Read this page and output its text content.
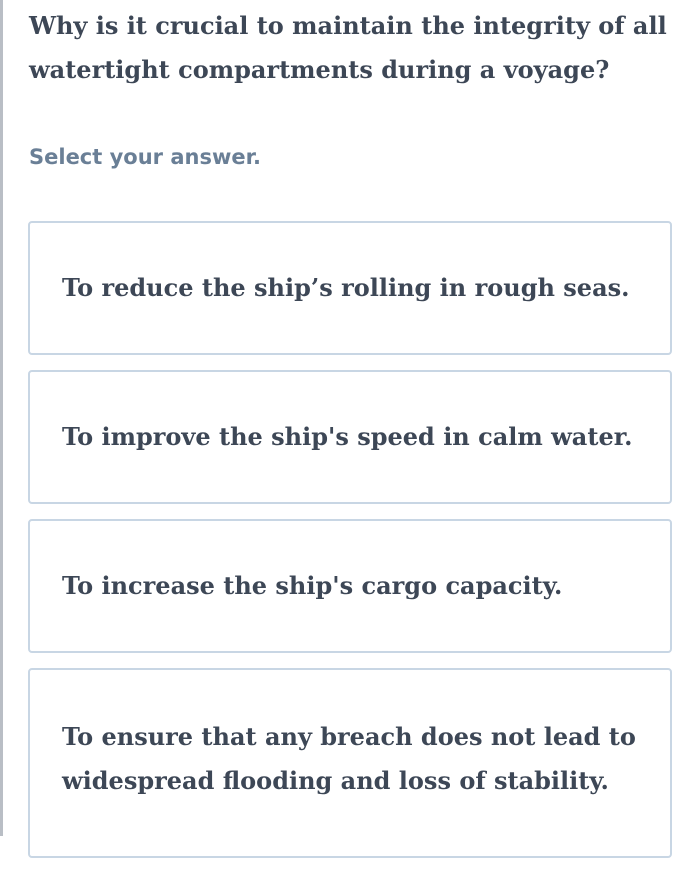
Why is it crucial to maintain the integrity of all watertight compartments during a voyage?

Select your answer.

To reduce the ship’s rolling in rough seas.
To improve the ship's speed in calm water.
To increase the ship's cargo capacity.
To ensure that any breach does not lead to widespread flooding and loss of stability.
